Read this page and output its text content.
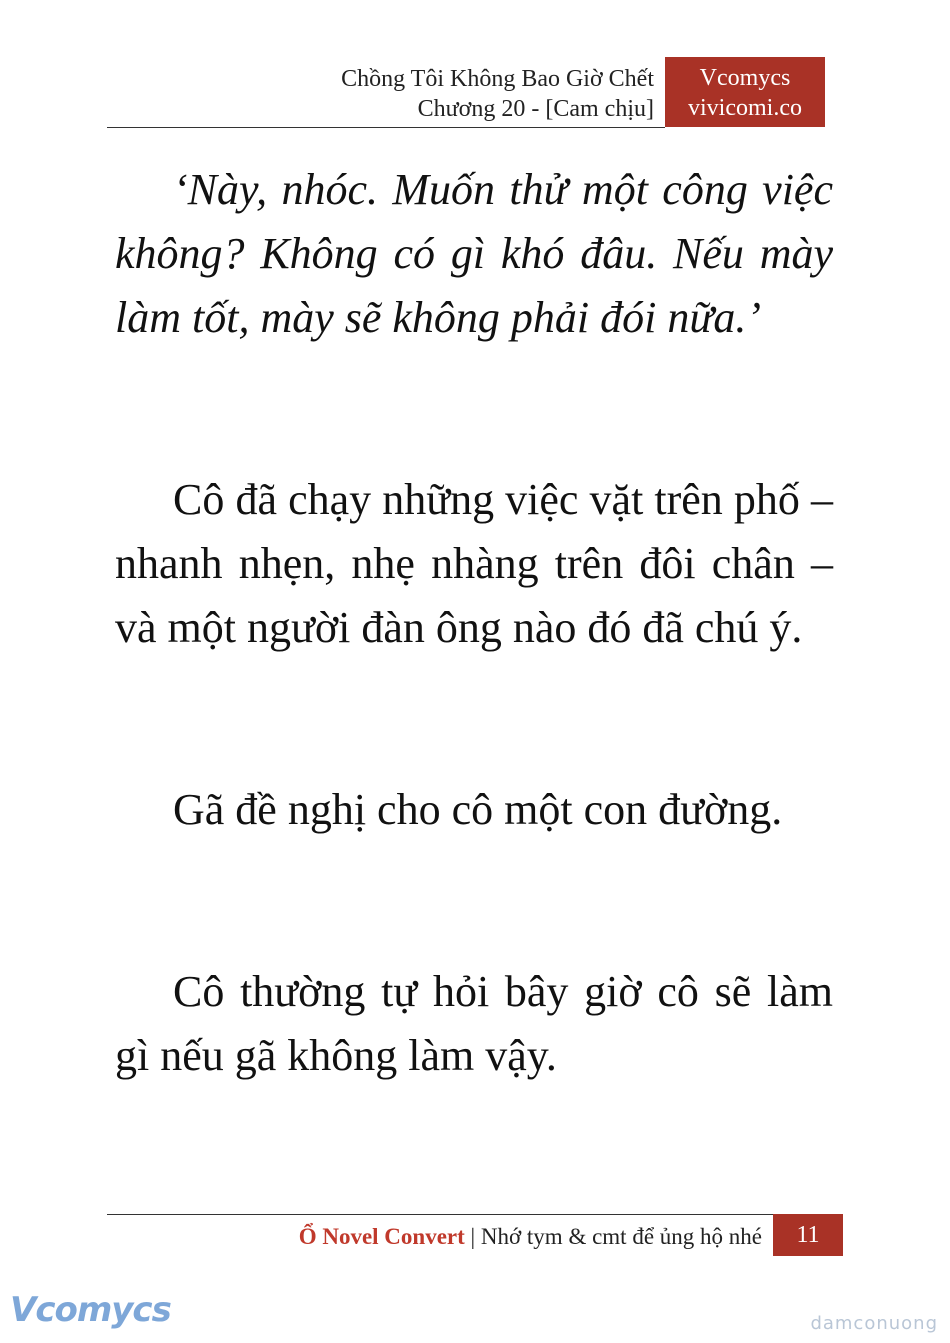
Chồng Tôi Không Bao Giờ Chết
Chương 20 - [Cam chịu]
Vcomycs
vivicomi.co

‘Này, nhóc. Muốn thử một công việc không? Không có gì khó đâu. Nếu mày làm tốt, mày sẽ không phải đói nữa.’

Cô đã chạy những việc vặt trên phố – nhanh nhẹn, nhẹ nhàng trên đôi chân – và một người đàn ông nào đó đã chú ý.

Gã đề nghị cho cô một con đường.

Cô thường tự hỏi bây giờ cô sẽ làm gì nếu gã không làm vậy.

Ổ Novel Convert | Nhớ tym & cmt để ủng hộ nhé	11
Vcomycs	damconuong
